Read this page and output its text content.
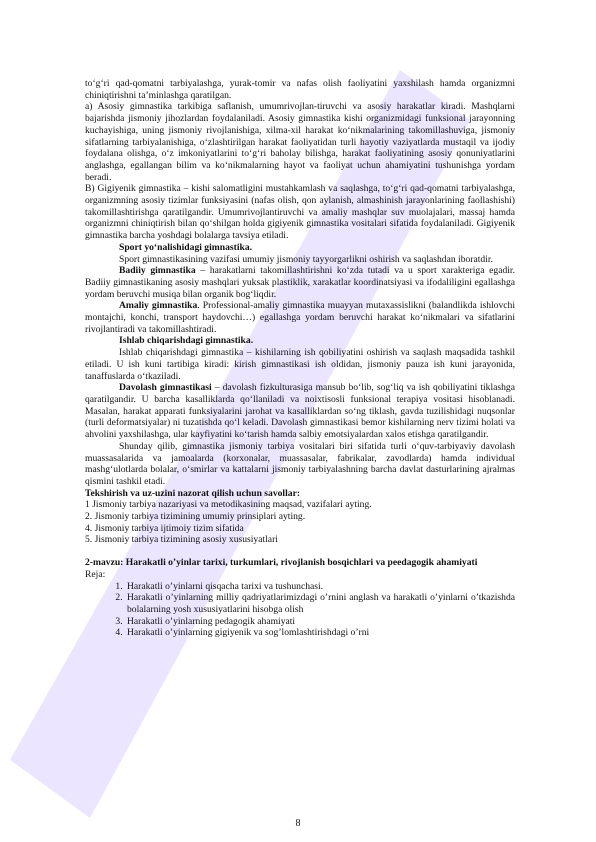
to‘g‘ri qad-qomatni tarbiyalashga, yurak-tomir va nafas olish faoliyatini yaxshilash hamda organizmni chiniqtirishni ta’minlashga qaratilgan.

a) Asosiy gimnastika tarkibiga saflanish, umumrivojlan-tiruvchi va asosiy harakatlar kiradi. Mashqlarni bajarishda jismoniy jihozlardan foydalaniladi. Asosiy gimnastika kishi organizmidagi funksional jarayonning kuchayishiga, uning jismoniy rivojlanishiga, xilma-xil harakat ko‘nikmalarining takomillashuviga, jismoniy sifatlarning tarbiyalanishiga, o‘zlashtirilgan harakat faoliyatidan turli hayotiy vaziyatlarda mustaqil va ijodiy foydalana olishga, o‘z imkoniyatlarini to‘g‘ri baholay bilishga, harakat faoliyatining asosiy qonuniyatlarini anglashga, egallangan bilim va ko‘nikmalarning hayot va faoliyat uchun ahamiyatini tushunishga yordam beradi.

B) Gigiyenik gimnastika – kishi salomatligini mustahkamlash va saqlashga, to‘g‘ri qad-qomatni tarbiyalashga, organizmning asosiy tizimlar funksiyasini (nafas olish, qon aylanish, almashinish jarayonlarining faollashishi) takomillashtirishga qaratilgandir. Umumrivojlantiruvchi va amaliy mashqlar suv muolajalari, massaj hamda organizmni chiniqtirish bilan qo‘shilgan holda gigiyenik gimnastika vositalari sifatida foydalaniladi. Gigiyenik gimnastika barcha yoshdagi bolalarga tavsiya etiladi.

Sport yo‘nalishidagi gimnastika.

Sport gimnastikasining vazifasi umumiy jismoniy tayyorgarlikni oshirish va saqlashdan iboratdir.

Badiiy gimnastika – harakatlarni takomillashtirishni ko‘zda tutadi va u sport xarakteriga egadir. Badiiy gimnastikaning asosiy mashqlari yuksak plastiklik, xarakatlar koordinatsiyasi va ifodaliligini egallashga yordam beruvchi musiqa bilan organik bog‘liqdir.

Amaliy gimnastika. Professional-amaliy gimnastika muayyan mutaxassislikni (balandlikda ishlovchi montajchi, konchi, transport haydovchi…) egallashga yordam beruvchi harakat ko‘nikmalari va sifatlarini rivojlantiradi va takomillashtiradi.

Ishlab chiqarishdagi gimnastika.

Ishlab chiqarishdagi gimnastika – kishilarning ish qobiliyatini oshirish va saqlash maqsadida tashkil etiladi. U ish kuni tartibiga kiradi: kirish gimnastikasi ish oldidan, jismoniy pauza ish kuni jarayonida, tanaffuslarda o‘tkaziladi.

Davolash gimnastikasi – davolash fizkulturasiga mansub bo‘lib, sog‘liq va ish qobiliyatini tiklashga qaratilgandir. U barcha kasalliklarda qo‘llaniladi va noixtisosli funksional terapiya vositasi hisoblanadi. Masalan, harakat apparati funksiyalarini jarohat va kasalliklardan so‘ng tiklash, gavda tuzilishidagi nuqsonlar (turli deformatsiyalar) ni tuzatishda qo‘l keladi. Davolash gimnastikasi bemor kishilarning nerv tizimi holati va ahvolini yaxshilashga, ular kayfiyatini ko‘tarish hamda salbiy emotsiyalardan xalos etishga qaratilgandir.

Shunday qilib, gimnastika jismoniy tarbiya vositalari biri sifatida turli o‘quv-tarbiyaviy davolash muassasalarida va jamoalarda (korxonalar, muassasalar, fabrikalar, zavodlarda) hamda individual mashg‘ulotlarda bolalar, o‘smirlar va kattalarni jismoniy tarbiyalashning barcha davlat dasturlarining ajralmas qismini tashkil etadi.

Tekshirish va uz-uzini nazorat qilish uchun savollar:

1 Jismoniy tarbiya nazariyasi va metodikasining maqsad, vazifalari ayting.

2. Jismoniy tarbiya tizimining umumiy prinsiplari ayting.

4. Jismoniy tarbiya ijtimoiy tizim sifatida

5. Jismoniy tarbiya tizimining asosiy xususiyatlari

2-mavzu: Harakatli o’yinlar tarixi, turkumlari, rivojlanish bosqichlari va peedagogik ahamiyati

Reja:

1. Harakatli o’yinlarni qisqacha tarixi va tushunchasi.
2. Harakatli o’yinlarning milliy qadriyatlarimizdagi o’rnini anglash va harakatli o’yinlarni o’tkazishda bolalarning yosh xususiyatlarini hisobga olish
3. Harakatli o’yinlarning pedagogik ahamiyati
4. Harakatli o’yinlarning gigiyenik va sog’lomlashtirishdagi o’rni
8
